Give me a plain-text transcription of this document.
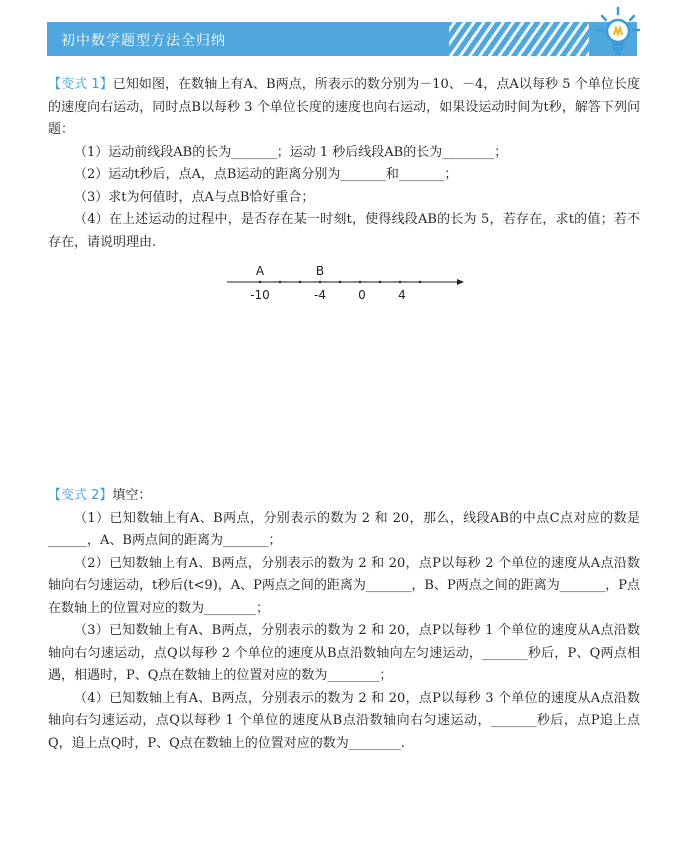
初中数学题型方法全归纳

【变式 1】已知如图，在数轴上有A、B两点，所表示的数分别为－10、－4，点A以每秒 5 个单位长度的速度向右运动，同时点B以每秒 3 个单位长度的速度也向右运动，如果设运动时间为t秒，解答下列问题：

（1）运动前线段AB的长为_______；运动 1 秒后线段AB的长为________；

（2）运动t秒后，点A，点B运动的距离分别为_______和_______；

（3）求t为何值时，点A与点B恰好重合；

（4）在上述运动的过程中，是否存在某一时刻t，使得线段AB的长为 5，若存在，求t的值；若不存在，请说明理由.

A	B
-10	-4	0	4

【变式 2】填空：

（1）已知数轴上有A、B两点，分别表示的数为 2 和 20，那么，线段AB的中点C点对应的数是______，A、B两点间的距离为_______；

（2）已知数轴上有A、B两点，分别表示的数为 2 和 20，点P以每秒 2 个单位的速度从A点沿数轴向右匀速运动，t秒后(t<9)，A、P两点之间的距离为_______，B、P两点之间的距离为_______，P点在数轴上的位置对应的数为________；

（3）已知数轴上有A、B两点，分别表示的数为 2 和 20，点P以每秒 1 个单位的速度从A点沿数轴向右匀速运动，点Q以每秒 2 个单位的速度从B点沿数轴向左匀速运动，_______秒后，P、Q两点相遇，相遇时，P、Q点在数轴上的位置对应的数为________；

（4）已知数轴上有A、B两点，分别表示的数为 2 和 20，点P以每秒 3 个单位的速度从A点沿数轴向右匀速运动，点Q以每秒 1 个单位的速度从B点沿数轴向右匀速运动，_______秒后，点P追上点Q，追上点Q时，P、Q点在数轴上的位置对应的数为________.
